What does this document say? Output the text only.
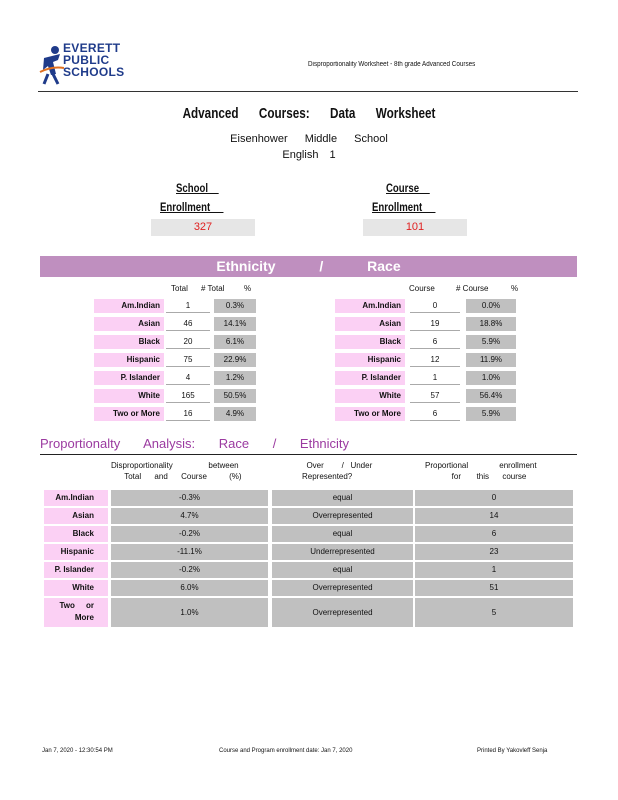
EVERETT
PUBLIC
SCHOOLS
Disproportionality Worksheet - 8th grade Advanced Courses
Advanced Courses: Data Worksheet
Eisenhower Middle School
English 1
School
Enrollment
327
Course
Enrollment
101
Ethnicity / Race
Total # Total %
Am.Indian	1	0.3%
Asian	46	14.1%
Black	20	6.1%
Hispanic	75	22.9%
P. Islander	4	1.2%
White	165	50.5%
Two or More	16	4.9%
Course	# Course	%
Am.Indian	0	0.0%
Asian	19	18.8%
Black	6	5.9%
Hispanic	12	11.9%
P. Islander	1	1.0%
White	57	56.4%
Two or More	6	5.9%
Proportionalty Analysis: Race / Ethnicity
Disproportionality                between
Total      and      Course          (%)
Over        /   Under
Represented?
Proportional              enrollment
for       this      course
Am.Indian	-0.3%	equal	0
Asian	4.7%	Overrepresented	14
Black	-0.2%	equal	6
Hispanic	-11.1%	Underrepresented	23
P. Islander	-0.2%	equal	1
White	6.0%	Overrepresented	51
Two     or
More
1.0%	Overrepresented	5
Jan 7, 2020 - 12:30:54 PM	Course and Program enrollment date: Jan 7, 2020	Printed By Yakovleff Senja
